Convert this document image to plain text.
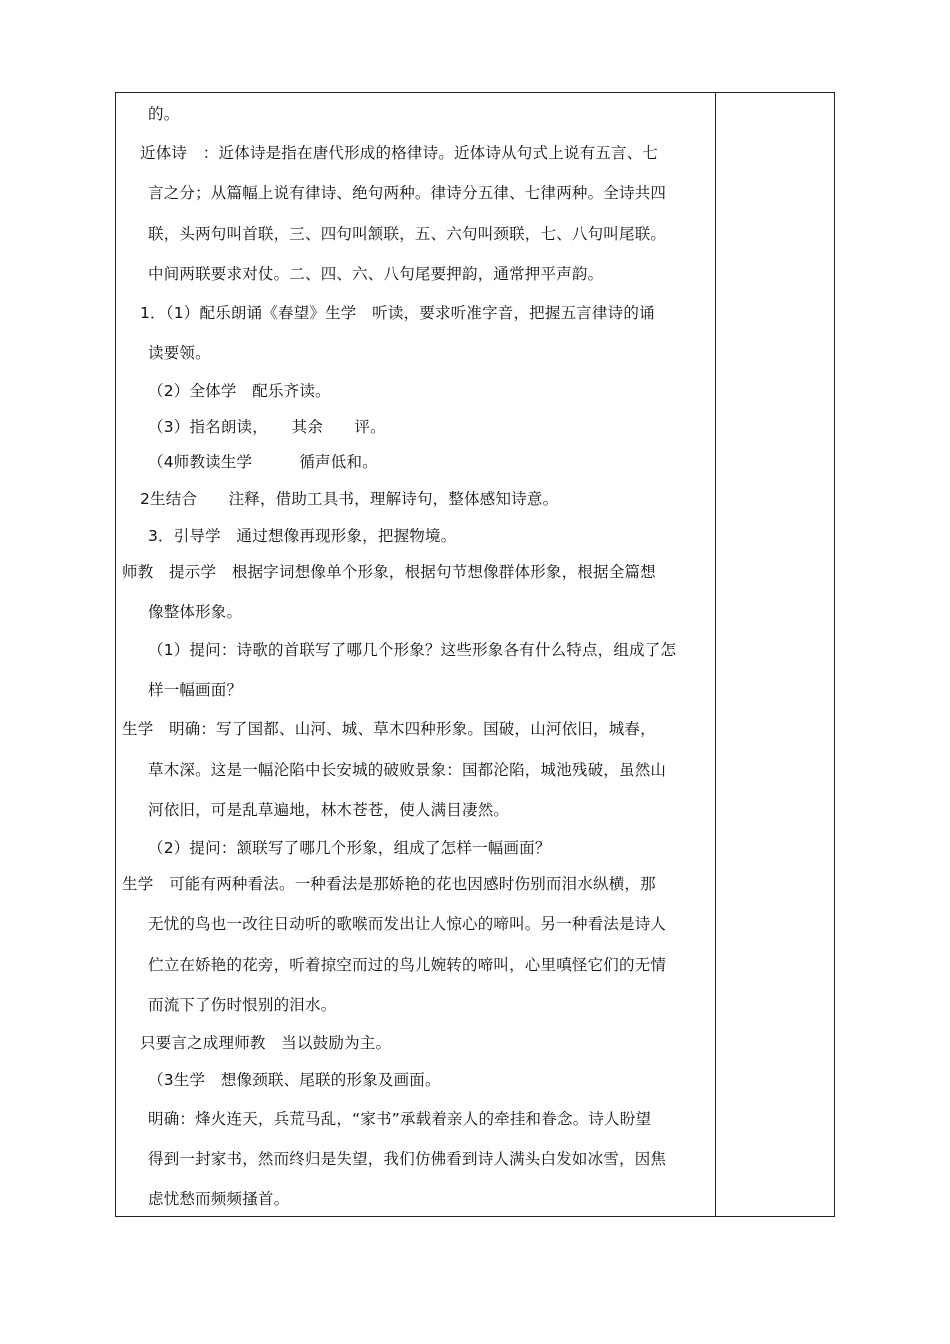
的。
近体诗　：近体诗是指在唐代形成的格律诗。近体诗从句式上说有五言、七
言之分；从篇幅上说有律诗、绝句两种。律诗分五律、七律两种。全诗共四
联，头两句叫首联，三、四句叫颔联，五、六句叫颈联，七、八句叫尾联。
中间两联要求对仗。二、四、六、八句尾要押韵，通常押平声韵。
1．（1）配乐朗诵《春望》生学　听读，要求听准字音，把握五言律诗的诵
读要领。
（2）全体学　配乐齐读。
（3）指名朗读，　　其余　　评。
（4师教读生学　　　循声低和。
2生结合　　注释，借助工具书，理解诗句，整体感知诗意。
3．引导学　通过想像再现形象，把握物境。
师教　提示学　根据字词想像单个形象，根据句节想像群体形象，根据全篇想
像整体形象。
（1）提问：诗歌的首联写了哪几个形象？这些形象各有什么特点，组成了怎
样一幅画面？
生学　明确：写了国都、山河、城、草木四种形象。国破，山河依旧，城春，
草木深。这是一幅沦陷中长安城的破败景象：国都沦陷，城池残破，虽然山
河依旧，可是乱草遍地，林木苍苍，使人满目凄然。
（2）提问：颔联写了哪几个形象，组成了怎样一幅画面？
生学　可能有两种看法。一种看法是那娇艳的花也因感时伤别而泪水纵横，那
无忧的鸟也一改往日动听的歌喉而发出让人惊心的啼叫。另一种看法是诗人
伫立在娇艳的花旁，听着掠空而过的鸟儿婉转的啼叫，心里嗔怪它们的无情
而流下了伤时恨别的泪水。
只要言之成理师教　当以鼓励为主。
（3生学　想像颈联、尾联的形象及画面。
明确：烽火连天，兵荒马乱，“家书”承载着亲人的牵挂和眷念。诗人盼望
得到一封家书，然而终归是失望，我们仿佛看到诗人满头白发如冰雪，因焦
虑忧愁而频频搔首。
